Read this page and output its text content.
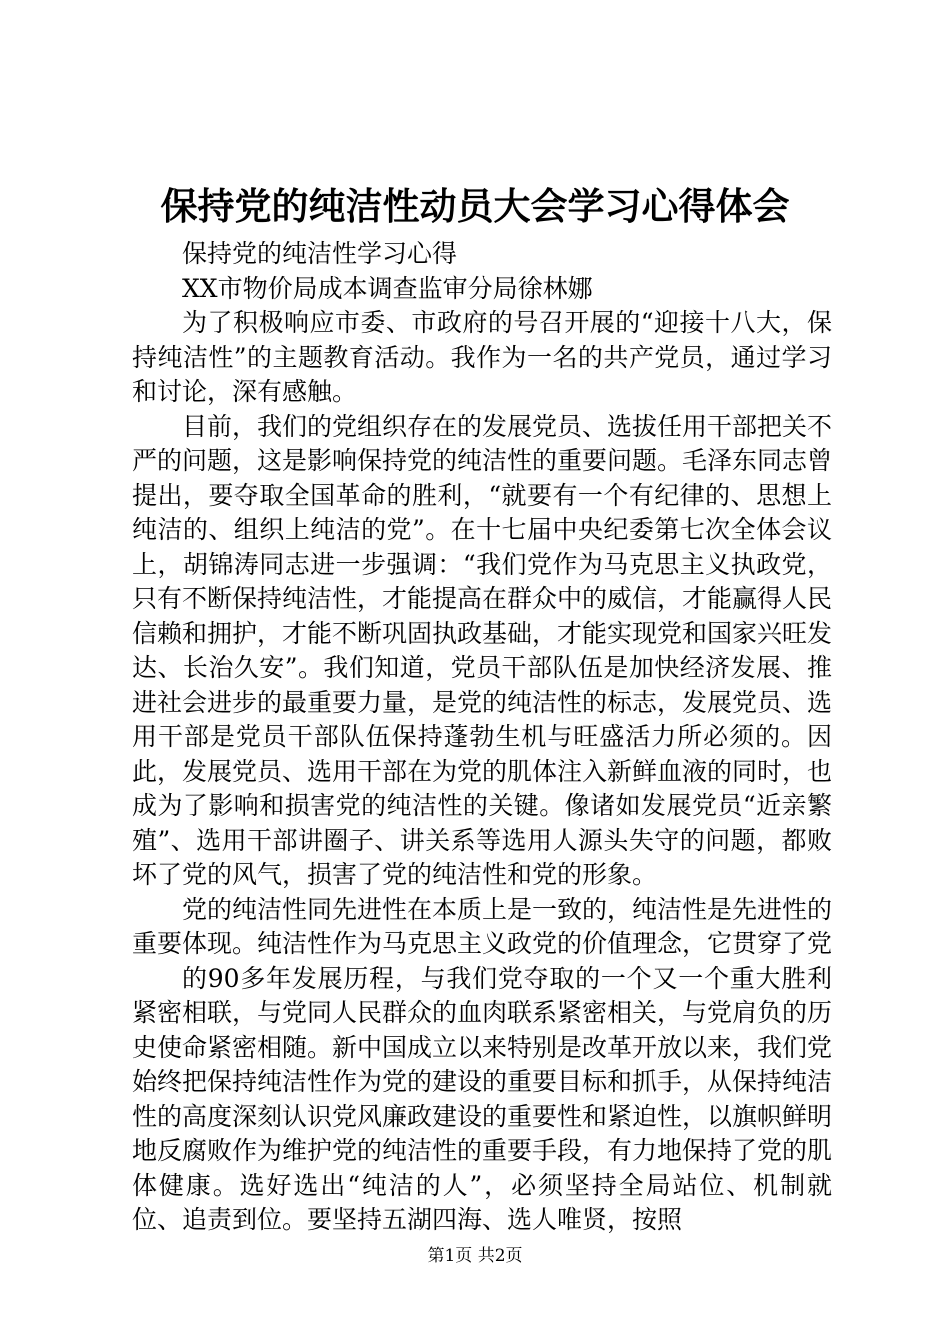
保持党的纯洁性动员大会学习心得体会

保持党的纯洁性学习心得

XX市物价局成本调查监审分局徐林娜

为了积极响应市委、市政府的号召开展的“迎接十八大，保持纯洁性”的主题教育活动。我作为一名的共产党员，通过学习和讨论，深有感触。

目前，我们的党组织存在的发展党员、选拔任用干部把关不严的问题，这是影响保持党的纯洁性的重要问题。毛泽东同志曾提出，要夺取全国革命的胜利，“就要有一个有纪律的、思想上纯洁的、组织上纯洁的党”。在十七届中央纪委第七次全体会议上，胡锦涛同志进一步强调：“我们党作为马克思主义执政党，只有不断保持纯洁性，才能提高在群众中的威信，才能赢得人民信赖和拥护，才能不断巩固执政基础，才能实现党和国家兴旺发达、长治久安”。我们知道，党员干部队伍是加快经济发展、推进社会进步的最重要力量，是党的纯洁性的标志，发展党员、选用干部是党员干部队伍保持蓬勃生机与旺盛活力所必须的。因此，发展党员、选用干部在为党的肌体注入新鲜血液的同时，也成为了影响和损害党的纯洁性的关键。像诸如发展党员“近亲繁殖”、选用干部讲圈子、讲关系等选用人源头失守的问题，都败坏了党的风气，损害了党的纯洁性和党的形象。

党的纯洁性同先进性在本质上是一致的，纯洁性是先进性的重要体现。纯洁性作为马克思主义政党的价值理念，它贯穿了党

的90多年发展历程，与我们党夺取的一个又一个重大胜利紧密相联，与党同人民群众的血肉联系紧密相关，与党肩负的历史使命紧密相随。新中国成立以来特别是改革开放以来，我们党始终把保持纯洁性作为党的建设的重要目标和抓手，从保持纯洁性的高度深刻认识党风廉政建设的重要性和紧迫性，以旗帜鲜明地反腐败作为维护党的纯洁性的重要手段，有力地保持了党的肌体健康。选好选出“纯洁的人”，必须坚持全局站位、机制就位、追责到位。要坚持五湖四海、选人唯贤，按照

第1页 共2页
